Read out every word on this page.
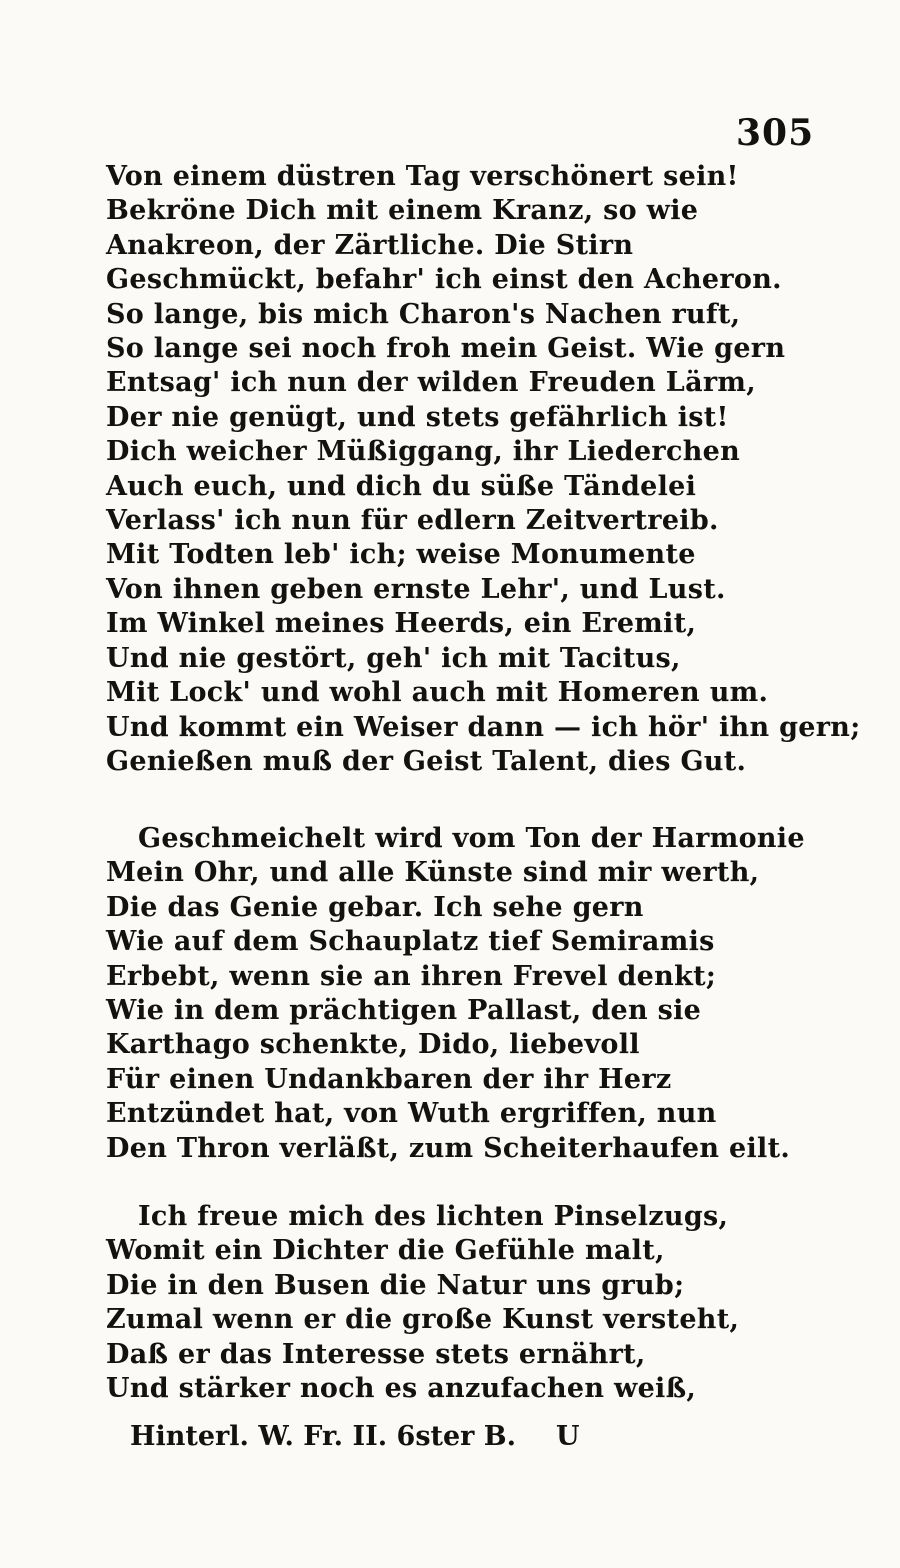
305
Von einem düstren Tag verschönert sein!
Bekröne Dich mit einem Kranz, so wie
Anakreon, der Zärtliche. Die Stirn
Geschmückt, befahr' ich einst den Acheron.
So lange, bis mich Charon's Nachen ruft,
So lange sei noch froh mein Geist. Wie gern
Entsag' ich nun der wilden Freuden Lärm,
Der nie genügt, und stets gefährlich ist!
Dich weicher Müßiggang, ihr Liederchen
Auch euch, und dich du süße Tändelei
Verlass' ich nun für edlern Zeitvertreib.
Mit Todten leb' ich; weise Monumente
Von ihnen geben ernste Lehr', und Lust.
Im Winkel meines Heerds, ein Eremit,
Und nie gestört, geh' ich mit Tacitus,
Mit Lock' und wohl auch mit Homeren um.
Und kommt ein Weiser dann — ich hör' ihn gern;
Genießen muß der Geist Talent, dies Gut.
Geschmeichelt wird vom Ton der Harmonie
Mein Ohr, und alle Künste sind mir werth,
Die das Genie gebar. Ich sehe gern
Wie auf dem Schauplatz tief Semiramis
Erbebt, wenn sie an ihren Frevel denkt;
Wie in dem prächtigen Pallast, den sie
Karthago schenkte, Dido, liebevoll
Für einen Undankbaren der ihr Herz
Entzündet hat, von Wuth ergriffen, nun
Den Thron verläßt, zum Scheiterhaufen eilt.
Ich freue mich des lichten Pinselzugs,
Womit ein Dichter die Gefühle malt,
Die in den Busen die Natur uns grub;
Zumal wenn er die große Kunst versteht,
Daß er das Interesse stets ernährt,
Und stärker noch es anzufachen weiß,
Hinterl. W. Fr. II. 6ster B. U
